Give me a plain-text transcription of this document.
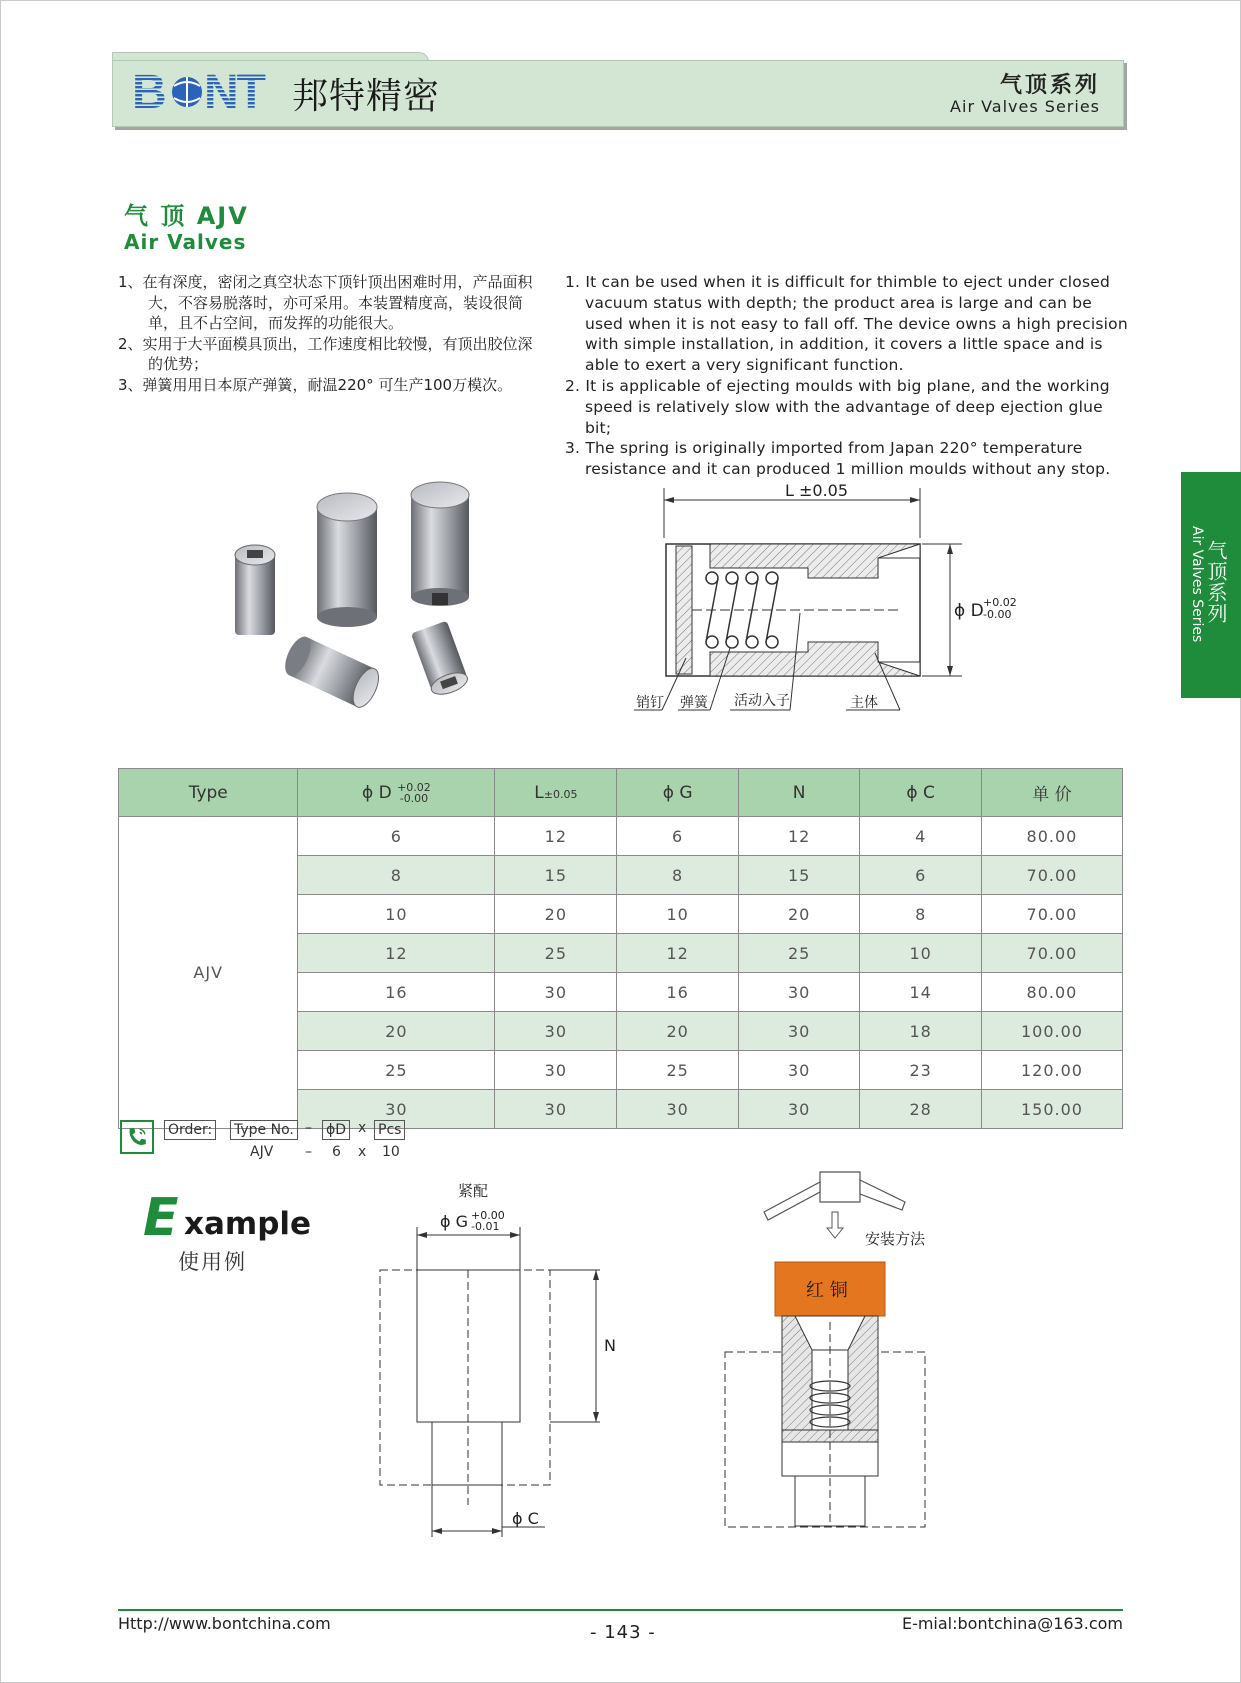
B NT 邦特精密	气顶系列
Air Valves Series
气 顶 AJV
Air Valves
1、在有深度，密闭之真空状态下顶针顶出困难时用，产品面积大，不容易脱落时，亦可采用。本装置精度高，装设很简单，且不占空间，而发挥的功能很大。
2、实用于大平面模具顶出，工作速度相比较慢，有顶出胶位深的优势；
3、弹簧用用日本原产弹簧，耐温220° 可生产100万模次。
1. It can be used when it is difficult for thimble to eject under closed vacuum status with depth; the product area is large and can be used when it is not easy to fall off. The device owns a high precision with simple installation, in addition, it covers a little space and is able to exert a very significant function.
2. It is applicable of ejecting moulds with big plane, and the working speed is relatively slow with the advantage of deep ejection glue bit;
3. The spring is originally imported from Japan 220° temperature resistance and it can produced 1 million moulds without any stop.
气顶系列
Air Valves Series
L ±0.05
ϕ D +0.02
-0.00
销钉 弹簧 活动入子	主体
Type	ϕ D +0.02
-0.00	L±0.05	ϕ G	N	ϕ C	单 价
AJV	6	12	6	12	4	80.00
	8	15	8	15	6	70.00
	10	20	10	20	8	70.00
	12	25	12	25	10	70.00
	16	30	16	30	14	80.00
	20	30	20	30	18	100.00
	25	30	25	30	23	120.00
	30	30	30	30	28	150.00
Order: Type No. – ϕD x Pcs
AJV – 6 x 10
E xample
使用例
紧配
ϕ G +0.00
-0.01
N
ϕ C
安装方法
红 铜
Http://www.bontchina.com	- 143 -	E-mial:bontchina@163.com
